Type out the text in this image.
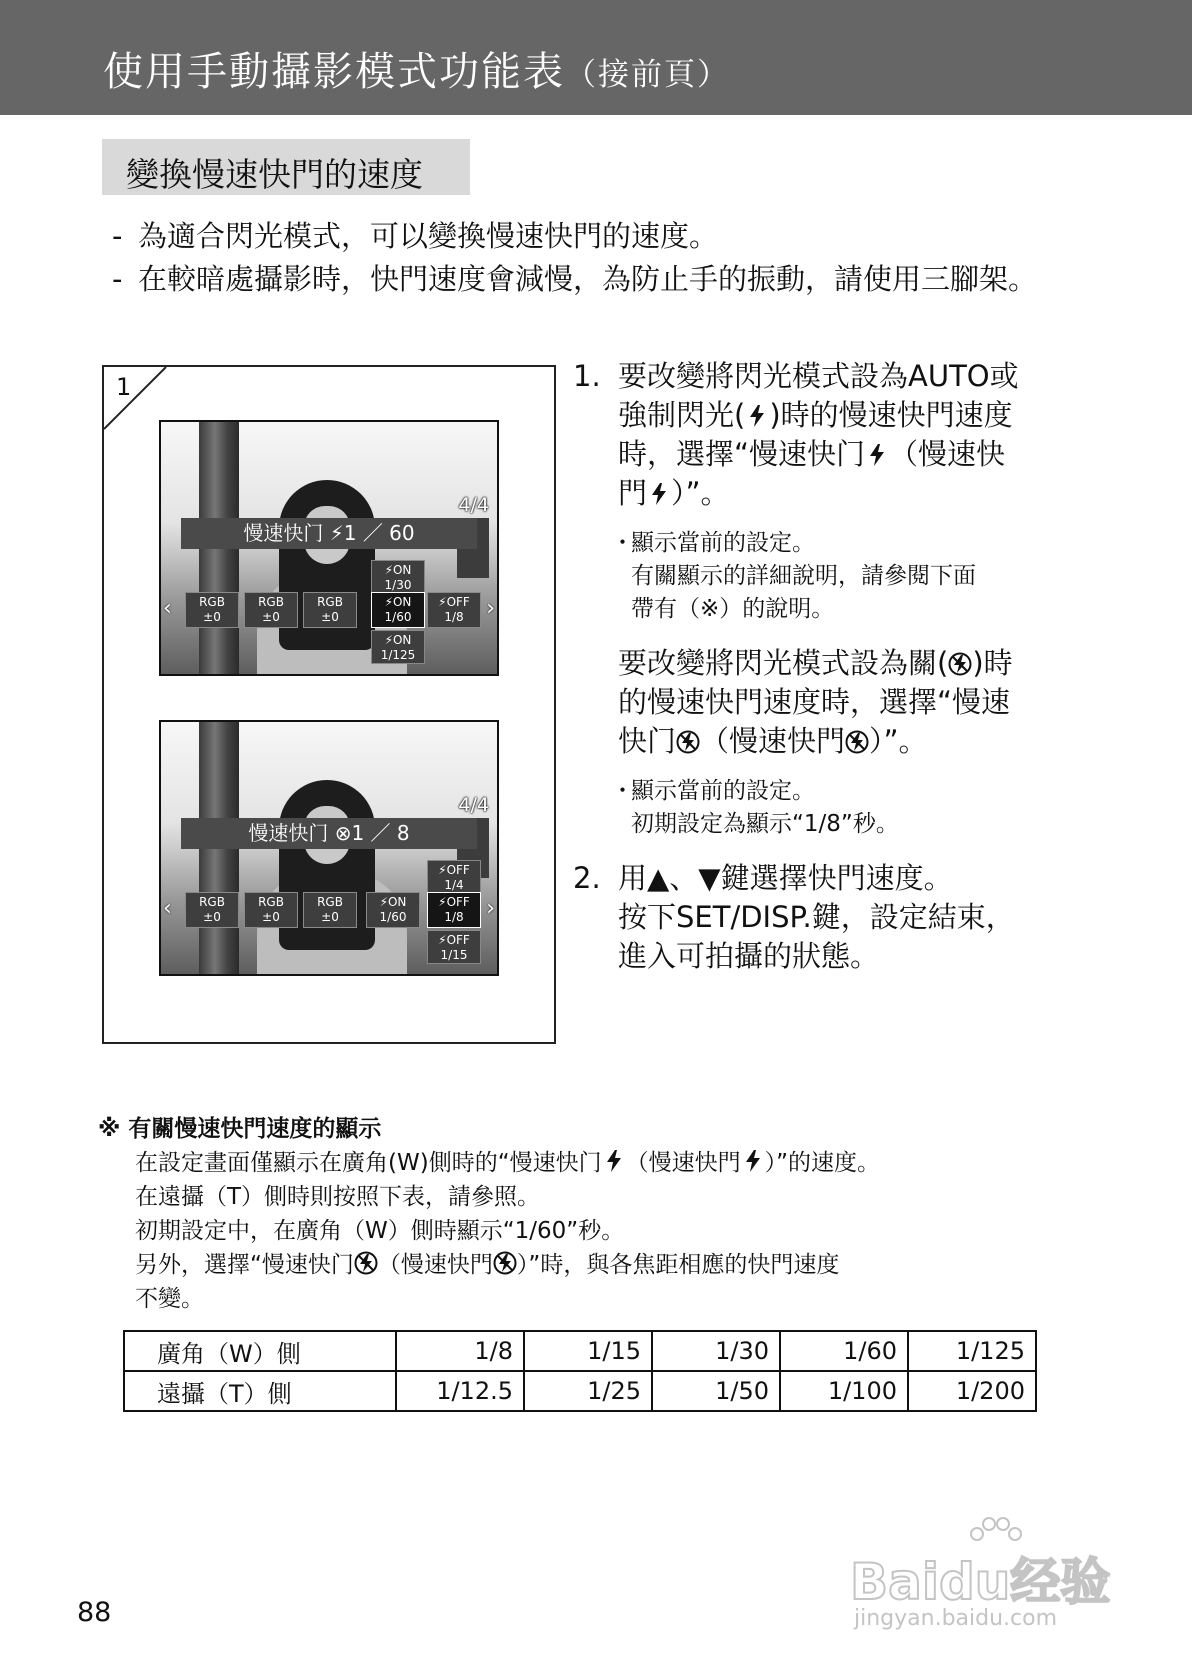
使用手動攝影模式功能表（接前頁）
變換慢速快門的速度
- 為適合閃光模式，可以變換慢速快門的速度。
- 在較暗處攝影時，快門速度會減慢，為防止手的振動，請使用三腳架。
1
4/4
慢速快门 ⚡1 ／ 60
⚡ON
1/30
‹	RGB
±0
RGB
±0
RGB
±0
⚡ON
1/60
⚡OFF
1/8	›
⚡ON
1/125
4/4
慢速快门 ⊗1 ／ 8
⚡OFF
1/4
‹	RGB
±0
RGB
±0
RGB
±0
⚡ON
1/60
⚡OFF
1/8	›
⚡OFF
1/15
1. 要改變將閃光模式設為AUTO或
強制閃光( )時的慢速快門速度
時，選擇“慢速快门 （慢速快
門 ）”。
・
顯示當前的設定。
有關顯示的詳細說明，請參閱下面
帶有（※）的說明。
要改變將閃光模式設為關( )時
的慢速快門速度時，選擇“慢速
快门 （慢速快門 ）”。
・
顯示當前的設定。
初期設定為顯示“1/8”秒。
2. 用▲、▼鍵選擇快門速度。
按下SET/DISP.鍵，設定結束，
進入可拍攝的狀態。
※ 有關慢速快門速度的顯示
在設定畫面僅顯示在廣角(W)側時的“慢速快门 （慢速快門 ）”的速度。
在遠攝（T）側時則按照下表，請參照。
初期設定中，在廣角（W）側時顯示“1/60”秒。
另外，選擇“慢速快门 （慢速快門 ）”時，與各焦距相應的快門速度
不變。
廣角（W）側	1/8	1/15	1/30	1/60	1/125
遠攝（T）側	1/12.5	1/25	1/50	1/100	1/200
88
Baidu经验
jingyan.baidu.com
